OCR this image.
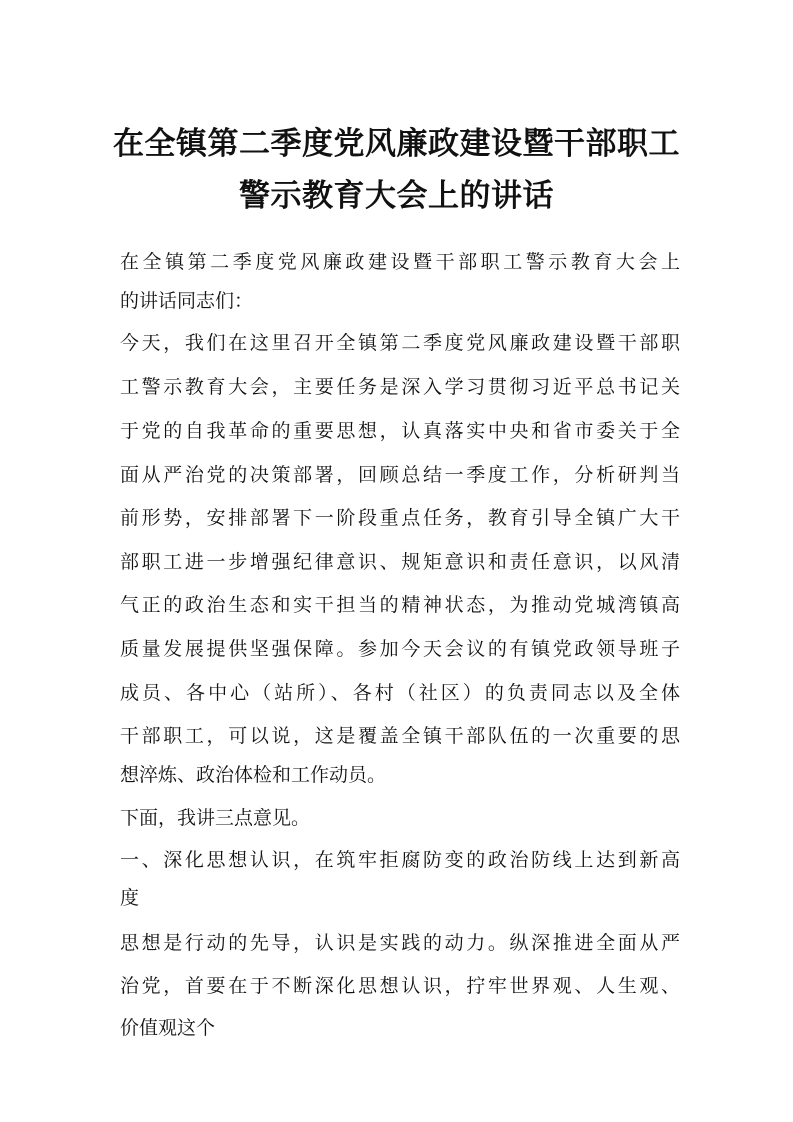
在全镇第二季度党风廉政建设暨干部职工
警示教育大会上的讲话

在全镇第二季度党风廉政建设暨干部职工警示教育大会上

的讲话同志们：

今天，我们在这里召开全镇第二季度党风廉政建设暨干部职

工警示教育大会，主要任务是深入学习贯彻习近平总书记关

于党的自我革命的重要思想，认真落实中央和省市委关于全

面从严治党的决策部署，回顾总结一季度工作，分析研判当

前形势，安排部署下一阶段重点任务，教育引导全镇广大干

部职工进一步增强纪律意识、规矩意识和责任意识，以风清

气正的政治生态和实干担当的精神状态，为推动党城湾镇高

质量发展提供坚强保障。参加今天会议的有镇党政领导班子

成员、各中心（站所）、各村（社区）的负责同志以及全体

干部职工，可以说，这是覆盖全镇干部队伍的一次重要的思

想淬炼、政治体检和工作动员。

下面，我讲三点意见。

一、深化思想认识，在筑牢拒腐防变的政治防线上达到新高

度

思想是行动的先导，认识是实践的动力。纵深推进全面从严

治党，首要在于不断深化思想认识，拧牢世界观、人生观、

价值观这个
